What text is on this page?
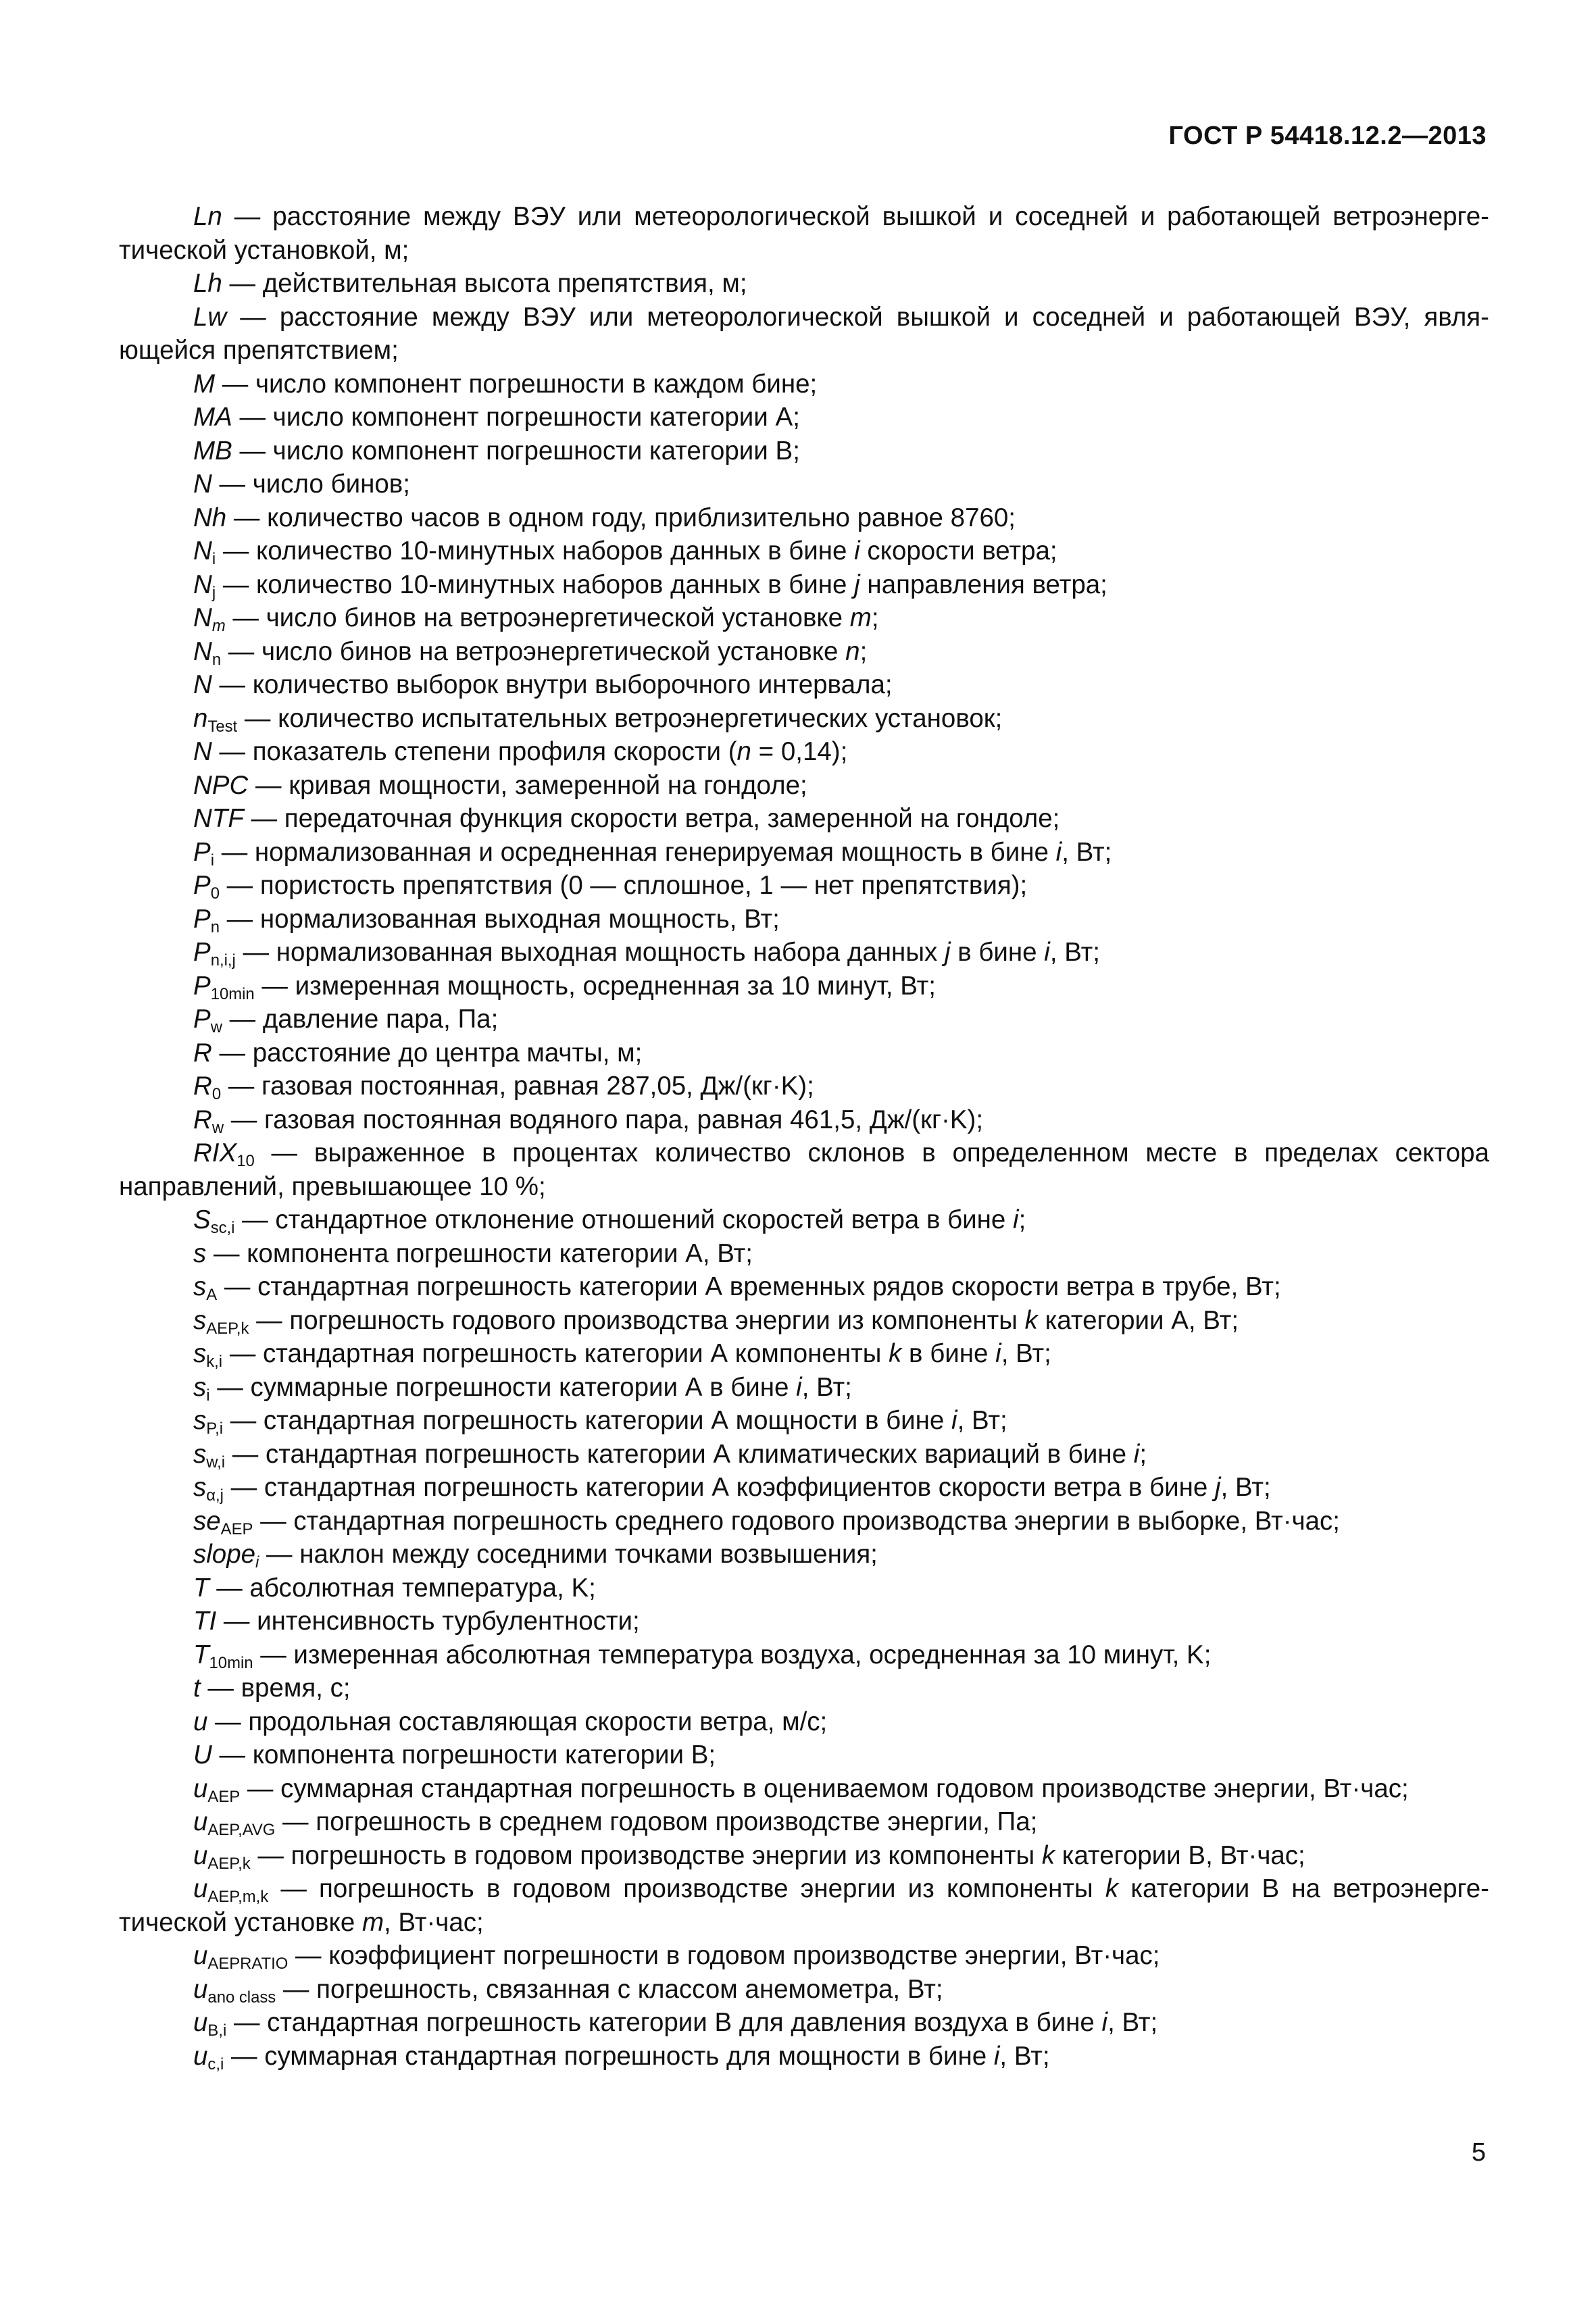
ГОСТ Р 54418.12.2—2013

Ln — расстояние между ВЭУ или метеорологической вышкой и соседней и работающей ветроэнергетической установкой, м;

Lh — действительная высота препятствия, м;

Lw — расстояние между ВЭУ или метеорологической вышкой и соседней и работающей ВЭУ, являющейся препятствием;

M — число компонент погрешности в каждом бине;

MA — число компонент погрешности категории А;

MB — число компонент погрешности категории В;

N — число бинов;

Nh — количество часов в одном году, приблизительно равное 8760;

$N_i$ — количество 10-минутных наборов данных в бине i скорости ветра;

$N_j$ — количество 10-минутных наборов данных в бине j направления ветра;

$N_m$ — число бинов на ветроэнергетической установке m;

$N_n$ — число бинов на ветроэнергетической установке n;

N — количество выборок внутри выборочного интервала;

$n_{Test}$ — количество испытательных ветроэнергетических установок;

N — показатель степени профиля скорости (n = 0,14);

NPC — кривая мощности, замеренной на гондоле;

NTF — передаточная функция скорости ветра, замеренной на гондоле;

$P_i$ — нормализованная и осредненная генерируемая мощность в бине i, Вт;

$P_0$ — пористость препятствия (0 — сплошное, 1 — нет препятствия);

$P_n$ — нормализованная выходная мощность, Вт;

$P_{n,i,j}$ — нормализованная выходная мощность набора данных j в бине i, Вт;

$P_{10min}$ — измеренная мощность, осредненная за 10 минут, Вт;

$P_w$ — давление пара, Па;

R — расстояние до центра мачты, м;

$R_0$ — газовая постоянная, равная 287,05, Дж/(кг·K);

$R_w$ — газовая постоянная водяного пара, равная 461,5, Дж/(кг·K);

$RIX_{10}$ — выраженное в процентах количество склонов в определенном месте в пределах сектора направлений, превышающее 10 %;

$S_{sc,i}$ — стандартное отклонение отношений скоростей ветра в бине i;

s — компонента погрешности категории А, Вт;

$s_A$ — стандартная погрешность категории А временных рядов скорости ветра в трубе, Вт;

$s_{AEP,k}$ — погрешность годового производства энергии из компоненты k категории А, Вт;

$s_{k,i}$ — стандартная погрешность категории А компоненты k в бине i, Вт;

$s_i$ — суммарные погрешности категории А в бине i, Вт;

$s_{P,i}$ — стандартная погрешность категории А мощности в бине i, Вт;

$s_{w,i}$ — стандартная погрешность категории А климатических вариаций в бине i;

$s_{\alpha,j}$ — стандартная погрешность категории А коэффициентов скорости ветра в бине j, Вт;

$se_{AEP}$ — стандартная погрешность среднего годового производства энергии в выборке, Вт·час;

slope$_i$ — наклон между соседними точками возвышения;

T — абсолютная температура, K;

TI — интенсивность турбулентности;

$T_{10min}$ — измеренная абсолютная температура воздуха, осредненная за 10 минут, K;

t — время, с;

u — продольная составляющая скорости ветра, м/с;

U — компонента погрешности категории В;

$u_{AEP}$ — суммарная стандартная погрешность в оцениваемом годовом производстве энергии, Вт·час;

$u_{AEP,AVG}$ — погрешность в среднем годовом производстве энергии, Па;

$u_{AEP,k}$ — погрешность в годовом производстве энергии из компоненты k категории В, Вт·час;

$u_{AEP,m,k}$ — погрешность в годовом производстве энергии из компоненты k категории В на ветроэнергетической установке m, Вт·час;

$u_{AEPRATIO}$ — коэффициент погрешности в годовом производстве энергии, Вт·час;

$u_{ano class}$ — погрешность, связанная с классом анемометра, Вт;

$u_{B,i}$ — стандартная погрешность категории В для давления воздуха в бине i, Вт;

$u_{c,i}$ — суммарная стандартная погрешность для мощности в бине i, Вт;

5
